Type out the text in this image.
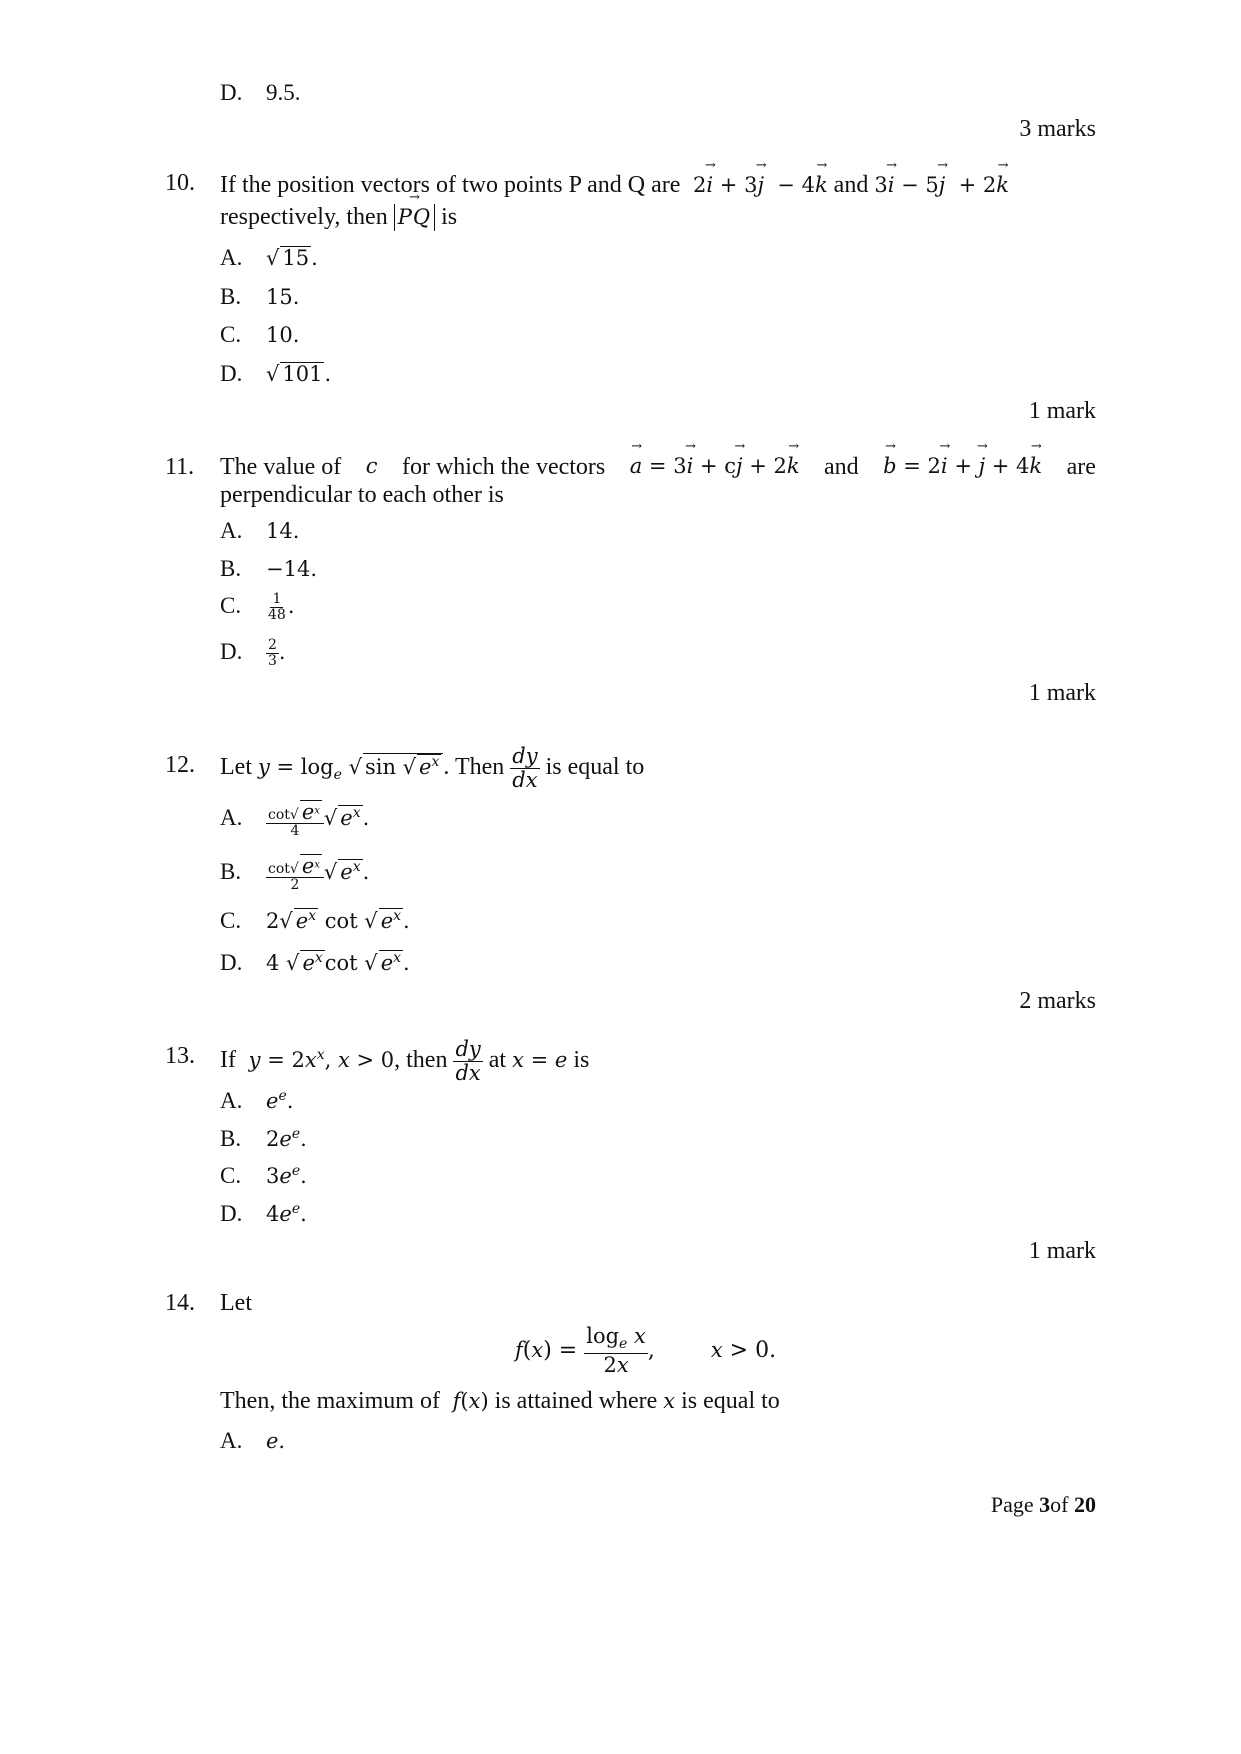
D. 9.5.
3 marks
10. If the position vectors of two points P and Q are  2→ i + 3→ j  − 4→ k and 3→ i − 5→ j  + 2→ k
respectively, then → PQ is
A. √ 15.
B. 15.
C. 10.
D. √ 101.
1 mark
11. The value of c for which the vectors → a = 3→ i + c→ j + 2→ k and → b = 2→ i + → j + 4→ k are
perpendicular to each other is
A. 14.
B. −14.
C. $\frac{1}{48}$ .
D. $\frac{2}{3}$ .
1 mark
12. Let $y = \log_e$ √ sin √ $e^x$ . Then $\frac{dy}{dx}$ is equal to
A. $\frac{\cot√ e^x}{4}$ √ $e^x$.
B. $\frac{\cot√ e^x}{2}$ √ $e^x$.
C. 2√ $e^x$ cot √ $e^x$.
D. 4 √ $e^x\cot$ √ $e^x$.
2 marks
13. If $y = 2x^x$, x > 0, then $\frac{dy}{dx}$ at x = e is
A. $e^e$.
B. $2e^e$.
C. $3e^e$.
D. $4e^e$.
1 mark
14. Let
$f(x) = \frac{\log_e x}{2x}$ ,        x > 0.
Then, the maximum of f(x) is attained where x is equal to
A. e.
Page 3of 20
